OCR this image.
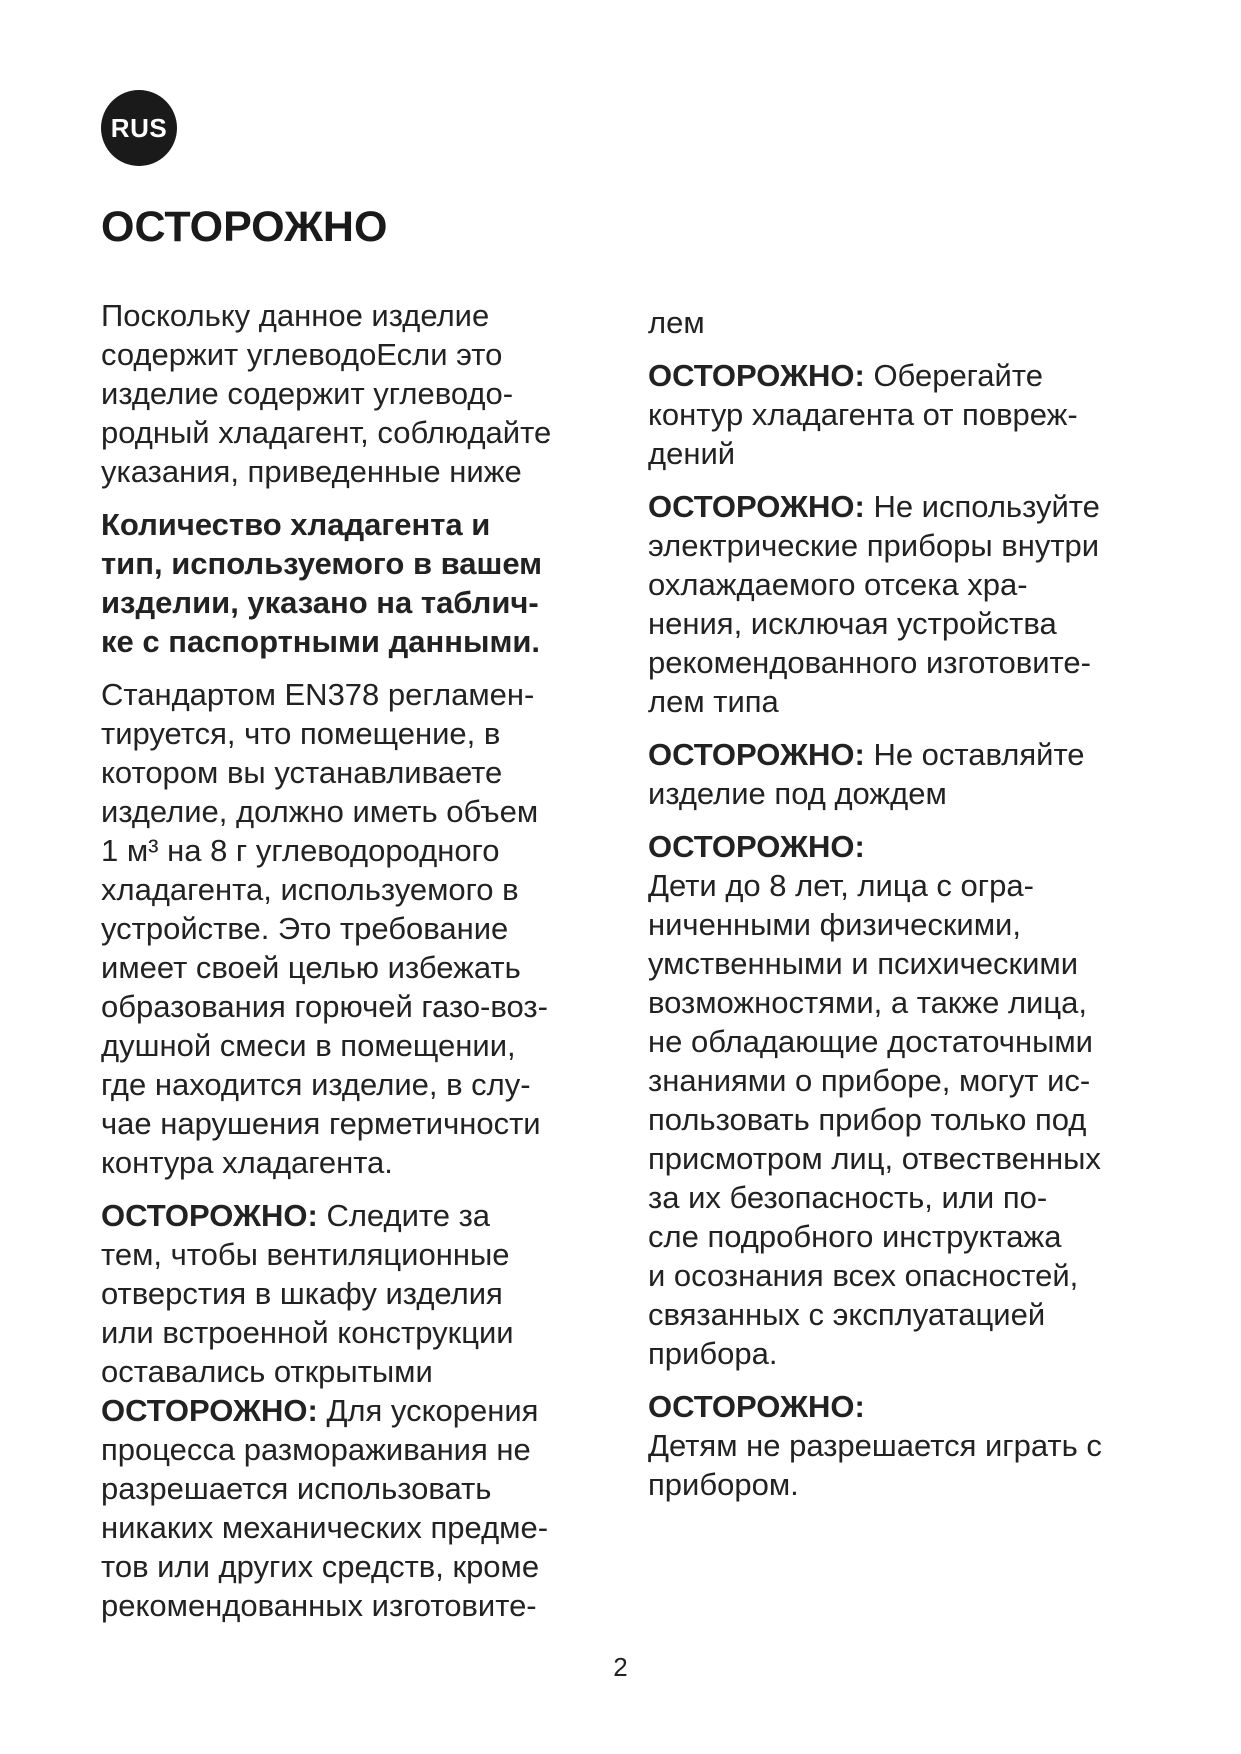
RUS
ОСТОРОЖНО
Поскольку данное изделие
содержит углеводоЕсли это
изделие содержит углеводо-
родный хладагент, соблюдайте
указания, приведенные ниже
Количество хладагента и
тип, используемого в вашем
изделии, указано на таблич-
ке с паспортными данными.
Стандартом EN378 регламен-
тируется, что помещение, в
котором вы устанавливаете
изделие, должно иметь объем
1 м³ на 8 г углеводородного
хладагента, используемого в
устройстве. Это требование
имеет своей целью избежать
образования горючей газо-воз-
душной смеси в помещении,
где находится изделие, в слу-
чае нарушения герметичности
контура хладагента.
ОСТОРОЖНО: Следите за
тем, чтобы вентиляционные
отверстия в шкафу изделия
или встроенной конструкции
оставались открытыми
ОСТОРОЖНО: Для ускорения
процесса размораживания не
разрешается использовать
никаких механических предме-
тов или других средств, кроме
рекомендованных изготовите-
лем
ОСТОРОЖНО: Оберегайте
контур хладагента от повреж-
дений
ОСТОРОЖНО: Не используйте
электрические приборы внутри
охлаждаемого отсека хра-
нения, исключая устройства
рекомендованного изготовите-
лем типа
ОСТОРОЖНО: Не оставляйте
изделие под дождем
ОСТОРОЖНО:
Дети до 8 лет, лица с огра-
ниченными физическими,
умственными и психическими
возможностями, а также лица,
не обладающие достаточными
знаниями о приборе, могут ис-
пользовать прибор только под
присмотром лиц, отвественных
за их безопасность, или по-
сле подробного инструктажа
и осознания всех опасностей,
связанных с эксплуатацией
прибора.
ОСТОРОЖНО:
Детям не разрешается играть с
прибором.
2
